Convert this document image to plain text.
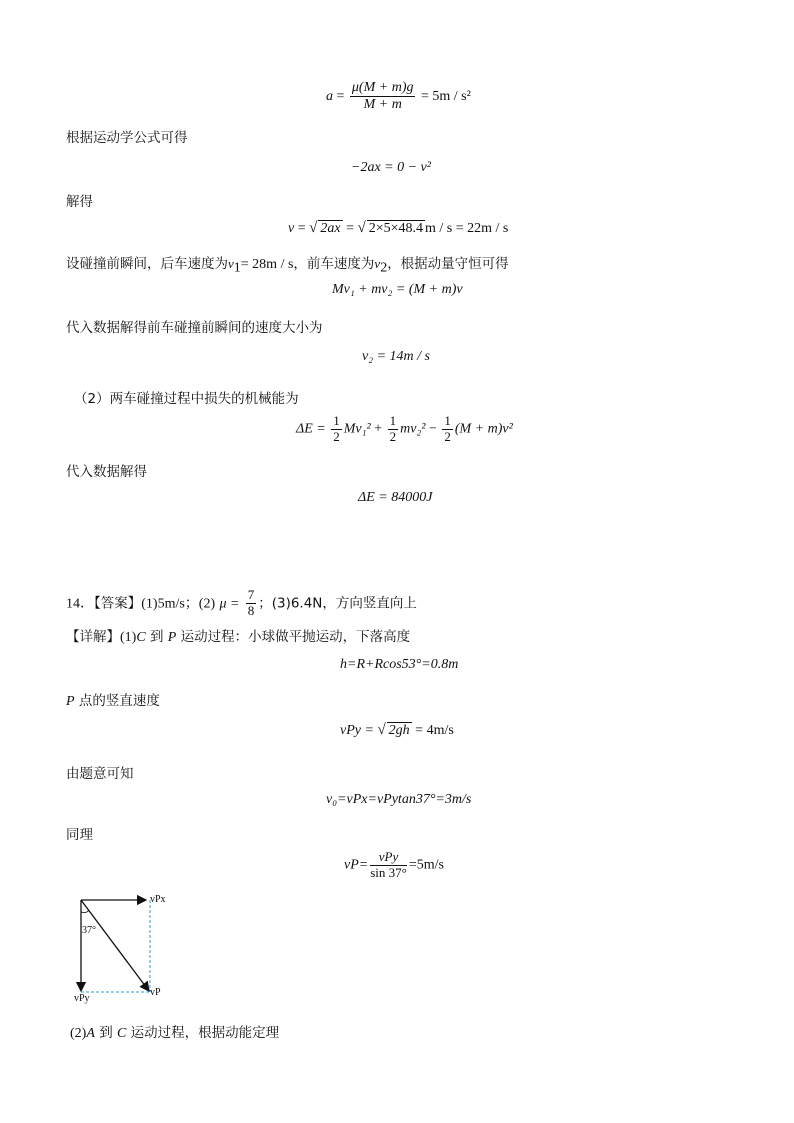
$a = \frac{\mu(M + m)g}{M + m} = 5m / s^2$
根据运动学公式可得
−2ax = 0 − v²
解得
v = √ 2ax = √ 2×5×48.4 m / s = 22m / s
设碰撞前瞬间，后车速度为$v_1= 28m / s$，前车速度为$v_2$，根据动量守恒可得
Mv₁ + mv₂ = (M + m)v
代入数据解得前车碰撞前瞬间的速度大小为
v₂ = 14m / s
（2）两车碰撞过程中损失的机械能为
$\Delta E = \frac{1}{2} Mv_1^2 + \frac{1}{2} mv_2^2 - \frac{1}{2} (M + m)v^2$
代入数据解得
ΔE = 84000J
14．【答案】(1)5m/s；(2) $\mu = \frac{7}{8}$ ；(3)6.4N，方向竖直向上
【详解】(1)C 到 P 运动过程：小球做平抛运动，下落高度
h=R+Rcos53°=0.8m
P 点的竖直速度
vPy = √ 2gh = 4m/s
由题意可知
v₀=vPx=vPytan37°=3m/s
同理
$vP= \frac{\text{vPy}}{\sin 37^\circ} =5m/s$
vPx
37°
vPy
vP
(2)A 到 C 运动过程，根据动能定理
